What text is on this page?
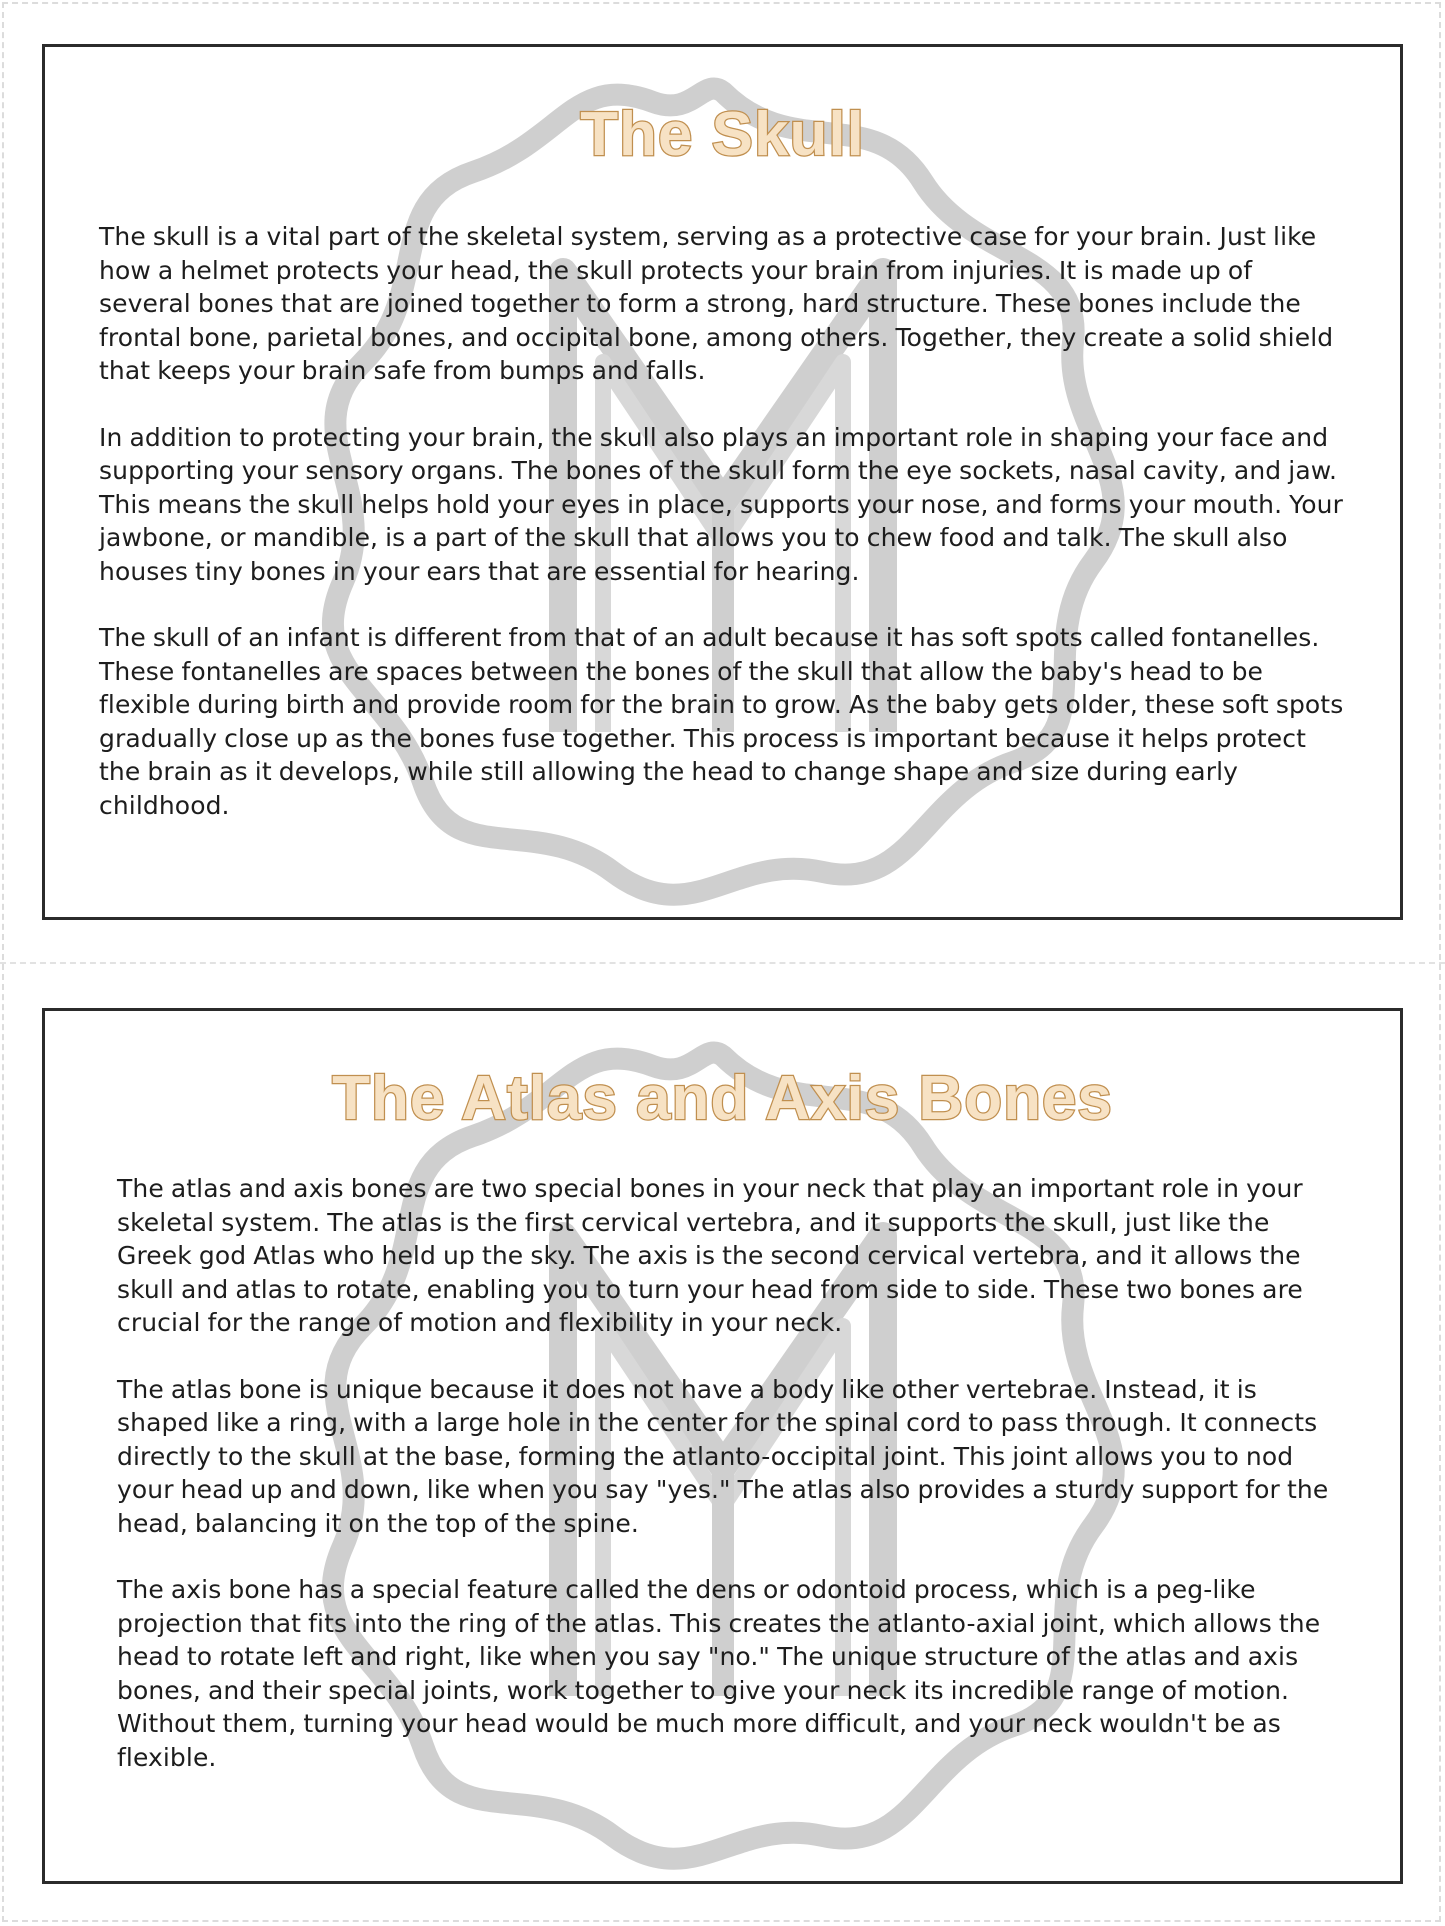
The Skull

The skull is a vital part of the skeletal system, serving as a protective case for your brain. Just like how a helmet protects your head, the skull protects your brain from injuries. It is made up of several bones that are joined together to form a strong, hard structure. These bones include the frontal bone, parietal bones, and occipital bone, among others. Together, they create a solid shield that keeps your brain safe from bumps and falls.

In addition to protecting your brain, the skull also plays an important role in shaping your face and supporting your sensory organs. The bones of the skull form the eye sockets, nasal cavity, and jaw. This means the skull helps hold your eyes in place, supports your nose, and forms your mouth. Your jawbone, or mandible, is a part of the skull that allows you to chew food and talk. The skull also houses tiny bones in your ears that are essential for hearing.

The skull of an infant is different from that of an adult because it has soft spots called fontanelles. These fontanelles are spaces between the bones of the skull that allow the baby's head to be flexible during birth and provide room for the brain to grow. As the baby gets older, these soft spots gradually close up as the bones fuse together. This process is important because it helps protect the brain as it develops, while still allowing the head to change shape and size during early childhood.

The Atlas and Axis Bones

The atlas and axis bones are two special bones in your neck that play an important role in your skeletal system. The atlas is the first cervical vertebra, and it supports the skull, just like the Greek god Atlas who held up the sky. The axis is the second cervical vertebra, and it allows the skull and atlas to rotate, enabling you to turn your head from side to side. These two bones are crucial for the range of motion and flexibility in your neck.

The atlas bone is unique because it does not have a body like other vertebrae. Instead, it is shaped like a ring, with a large hole in the center for the spinal cord to pass through. It connects directly to the skull at the base, forming the atlanto-occipital joint. This joint allows you to nod your head up and down, like when you say "yes." The atlas also provides a sturdy support for the head, balancing it on the top of the spine.

The axis bone has a special feature called the dens or odontoid process, which is a peg-like projection that fits into the ring of the atlas. This creates the atlanto-axial joint, which allows the head to rotate left and right, like when you say "no." The unique structure of the atlas and axis bones, and their special joints, work together to give your neck its incredible range of motion. Without them, turning your head would be much more difficult, and your neck wouldn't be as flexible.
